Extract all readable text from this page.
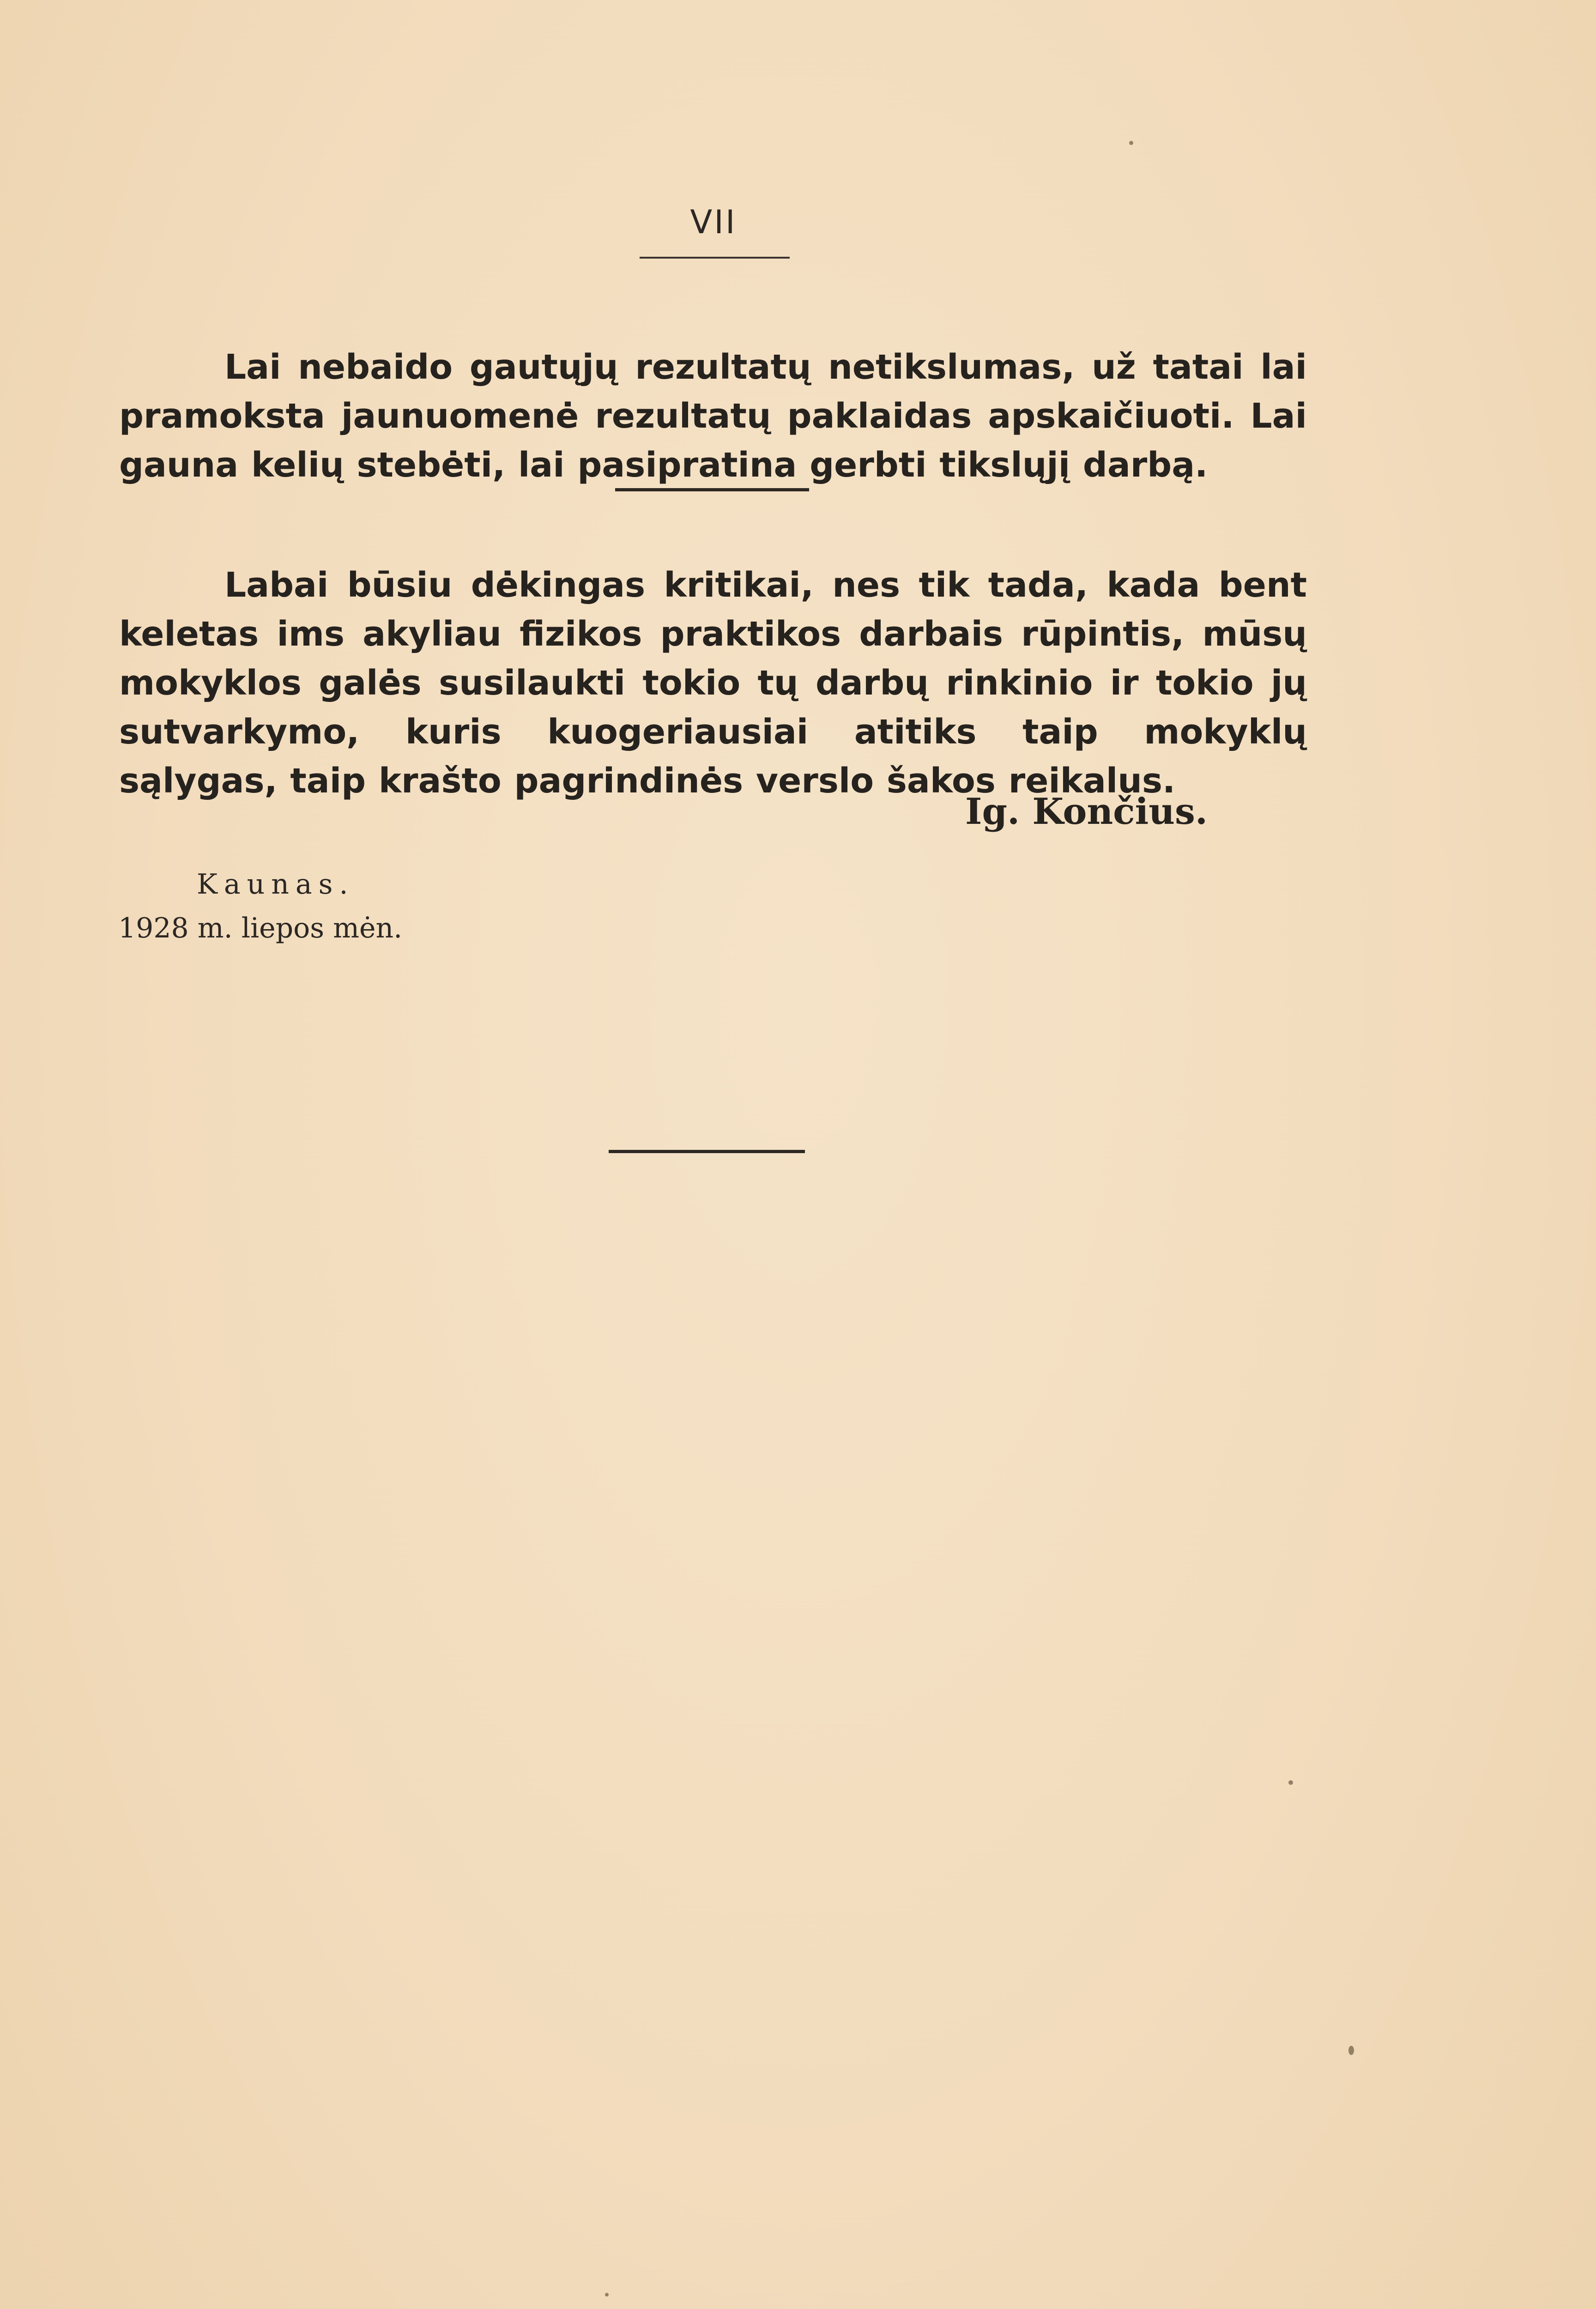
VII

Lai nebaido gautųjų rezultatų netikslumas, už tatai lai pramoksta jaunuomenė rezultatų paklaidas apskaičiuoti. Lai gauna kelių stebėti, lai pasipratina gerbti tikslųjį darbą.

Labai būsiu dėkingas kritikai, nes tik tada, kada bent keletas ims akyliau fizikos praktikos darbais rūpintis, mūsų mokyklos galės susilaukti tokio tų darbų rinkinio ir tokio jų sutvarkymo, kuris kuogeriausiai atitiks taip mokyklų sąlygas, taip krašto pagrindinės verslo šakos reikalus.

Ig. Končius.
Kaunas.
1928 m. liepos mėn.
